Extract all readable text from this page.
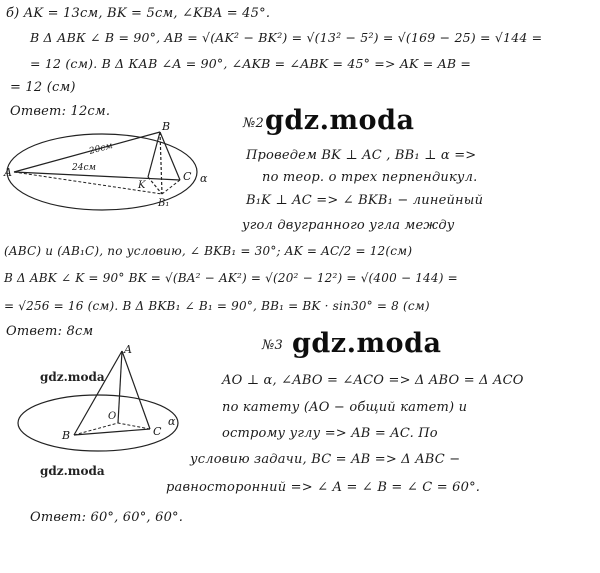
б) AK = 13см, BK = 5см, ∠KBA = 45°.
В Δ АВК ∠ B = 90°, AB = √(AK² − BK²) = √(13² − 5²) = √(169 − 25) = √144 =
= 12 (см). В Δ КАВ ∠A = 90°, ∠AKB = ∠ABK = 45° => AK = AB =
= 12 (см)
Ответ: 12см.
№2 gdz.moda
B
A	C
K
B₁
α
20см
24см
Проведем BK ⊥ AC , BB₁ ⊥ α =>
по теор. о трех перпендикул.
B₁K ⊥ AC => ∠ BKB₁ − линейный
угол двугранного угла между
(ABC) и (AB₁C), по условию, ∠ BKB₁ = 30°; AK = AC/2 = 12(см)
В Δ ABK ∠ K = 90° BK = √(BA² − AK²) = √(20² − 12²) = √(400 − 144) =
= √256 = 16 (см). В Δ BKB₁ ∠ B₁ = 90°, BB₁ = BK · sin30° = 8 (см)
Ответ: 8см
№3 gdz.moda
gdz.moda
gdz.moda
A
B	C
O	α
AO ⊥ α, ∠ABO = ∠ACO => Δ ABO = Δ ACO
по катету (AO − общий катет) и
острому углу => AB = AC. По
условию задачи, BC = AB => Δ ABC −
равносторонний => ∠ A = ∠ B = ∠ C = 60°.
Ответ: 60°, 60°, 60°.
